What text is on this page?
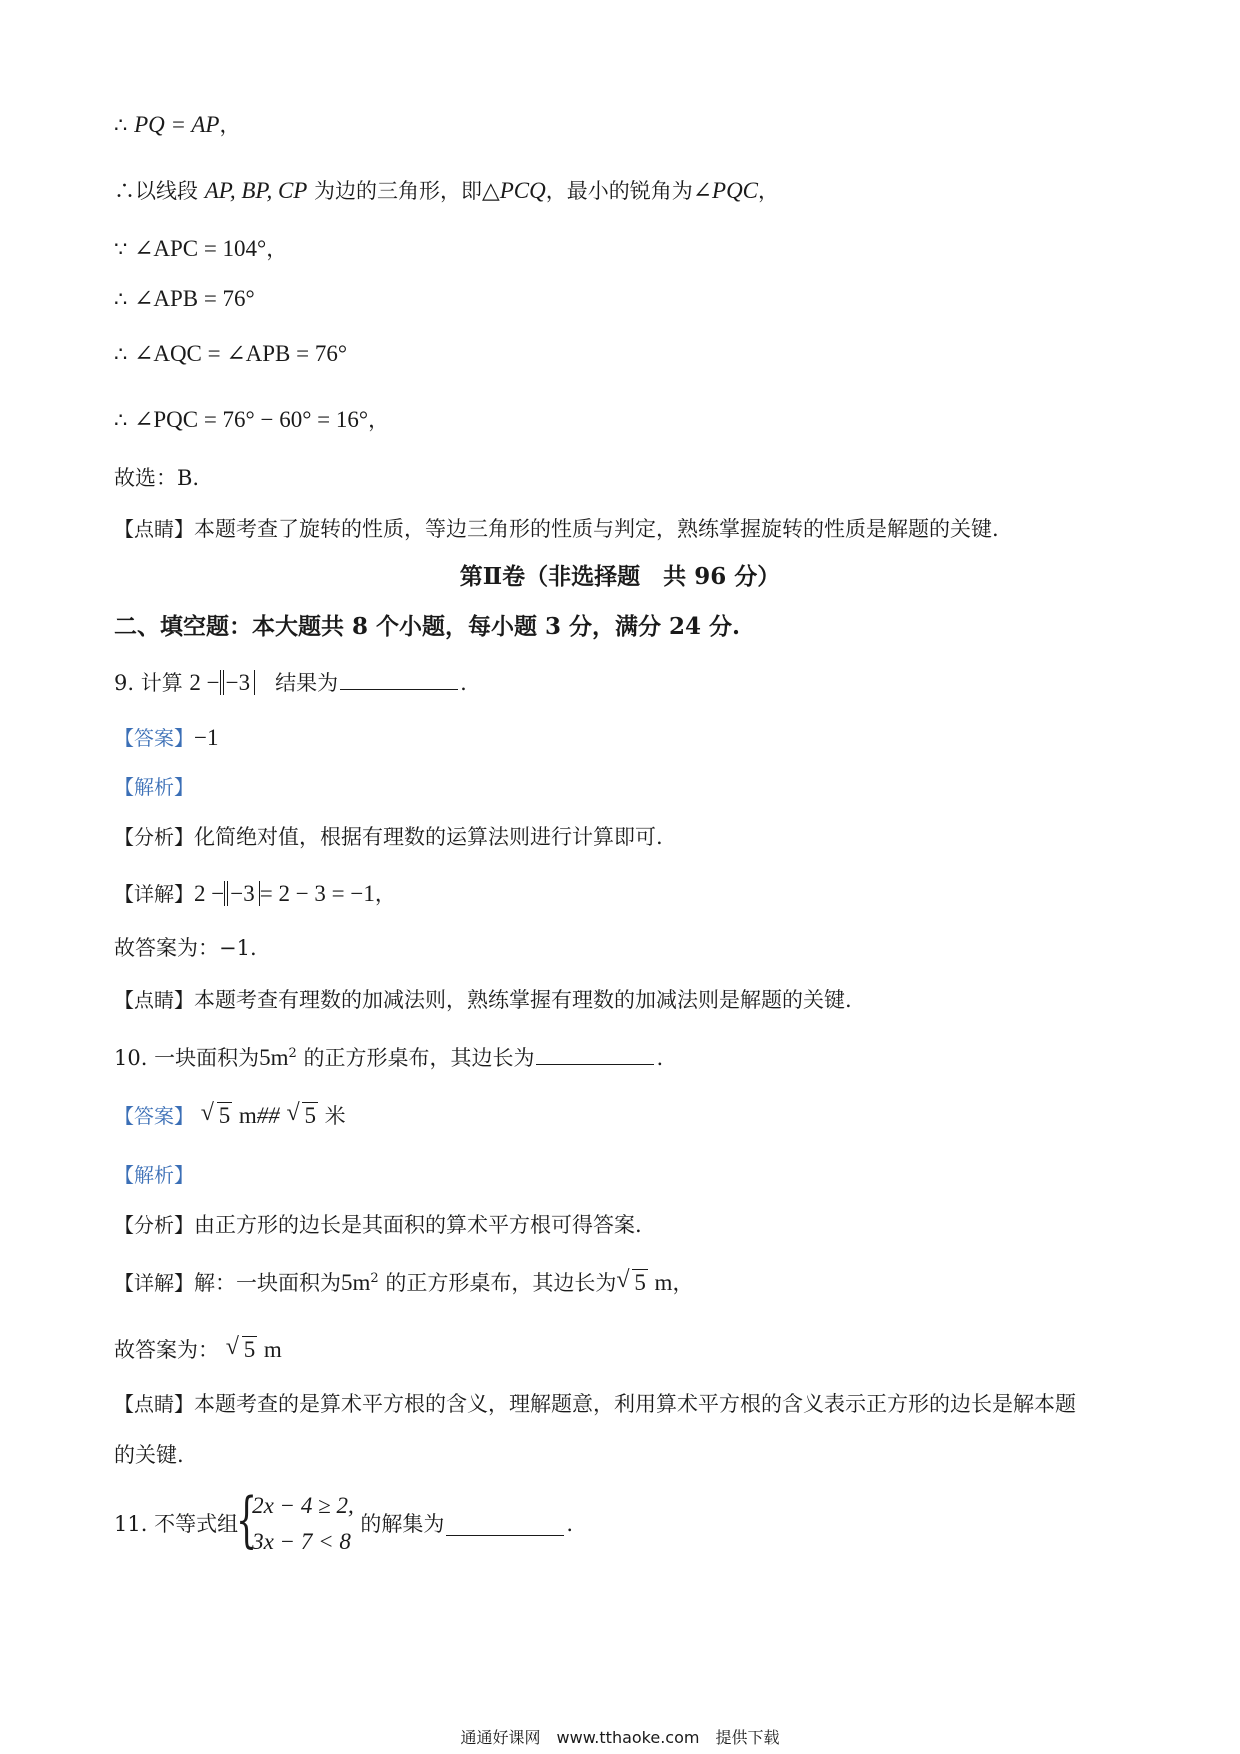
∴ PQ = AP，
∴以线段 AP, BP, CP 为边的三角形，即△PCQ，最小的锐角为∠PQC，
∵ ∠APC = 104°，
∴ ∠APB = 76°
∴ ∠AQC = ∠APB = 76°
∴ ∠PQC = 76° − 60° = 16°，
故选：B.
【点睛】本题考查了旋转的性质，等边三角形的性质与判定，熟练掌握旋转的性质是解题的关键.
第Ⅱ卷（非选择题　共 96 分）
二、填空题：本大题共 8 个小题，每小题 3 分，满分 24 分.
9. 计算 2 − −3 结果为	.
【答案】−1
【解析】
【分析】化简绝对值，根据有理数的运算法则进行计算即可.
【详解】2 − −3 = 2 − 3 = −1，
故答案为：−1.
【点睛】本题考查有理数的加减法则，熟练掌握有理数的加减法则是解题的关键.
10. 一块面积为$5m^2$ 的正方形桌布，其边长为	.
【答案】 √ 5 m## √ 5 米
【解析】
【分析】由正方形的边长是其面积的算术平方根可得答案.
【详解】解：一块面积为$5m^2$ 的正方形桌布，其边长为 √ 5 m，
故答案为： √ 5 m
【点睛】本题考查的是算术平方根的含义，理解题意，利用算术平方根的含义表示正方形的边长是解本题
的关键.
11. 不等式组
{
2x − 4 ≥ 2,
3x − 7 < 8
的解集为	.
通通好课网　www.tthaoke.com　提供下载
